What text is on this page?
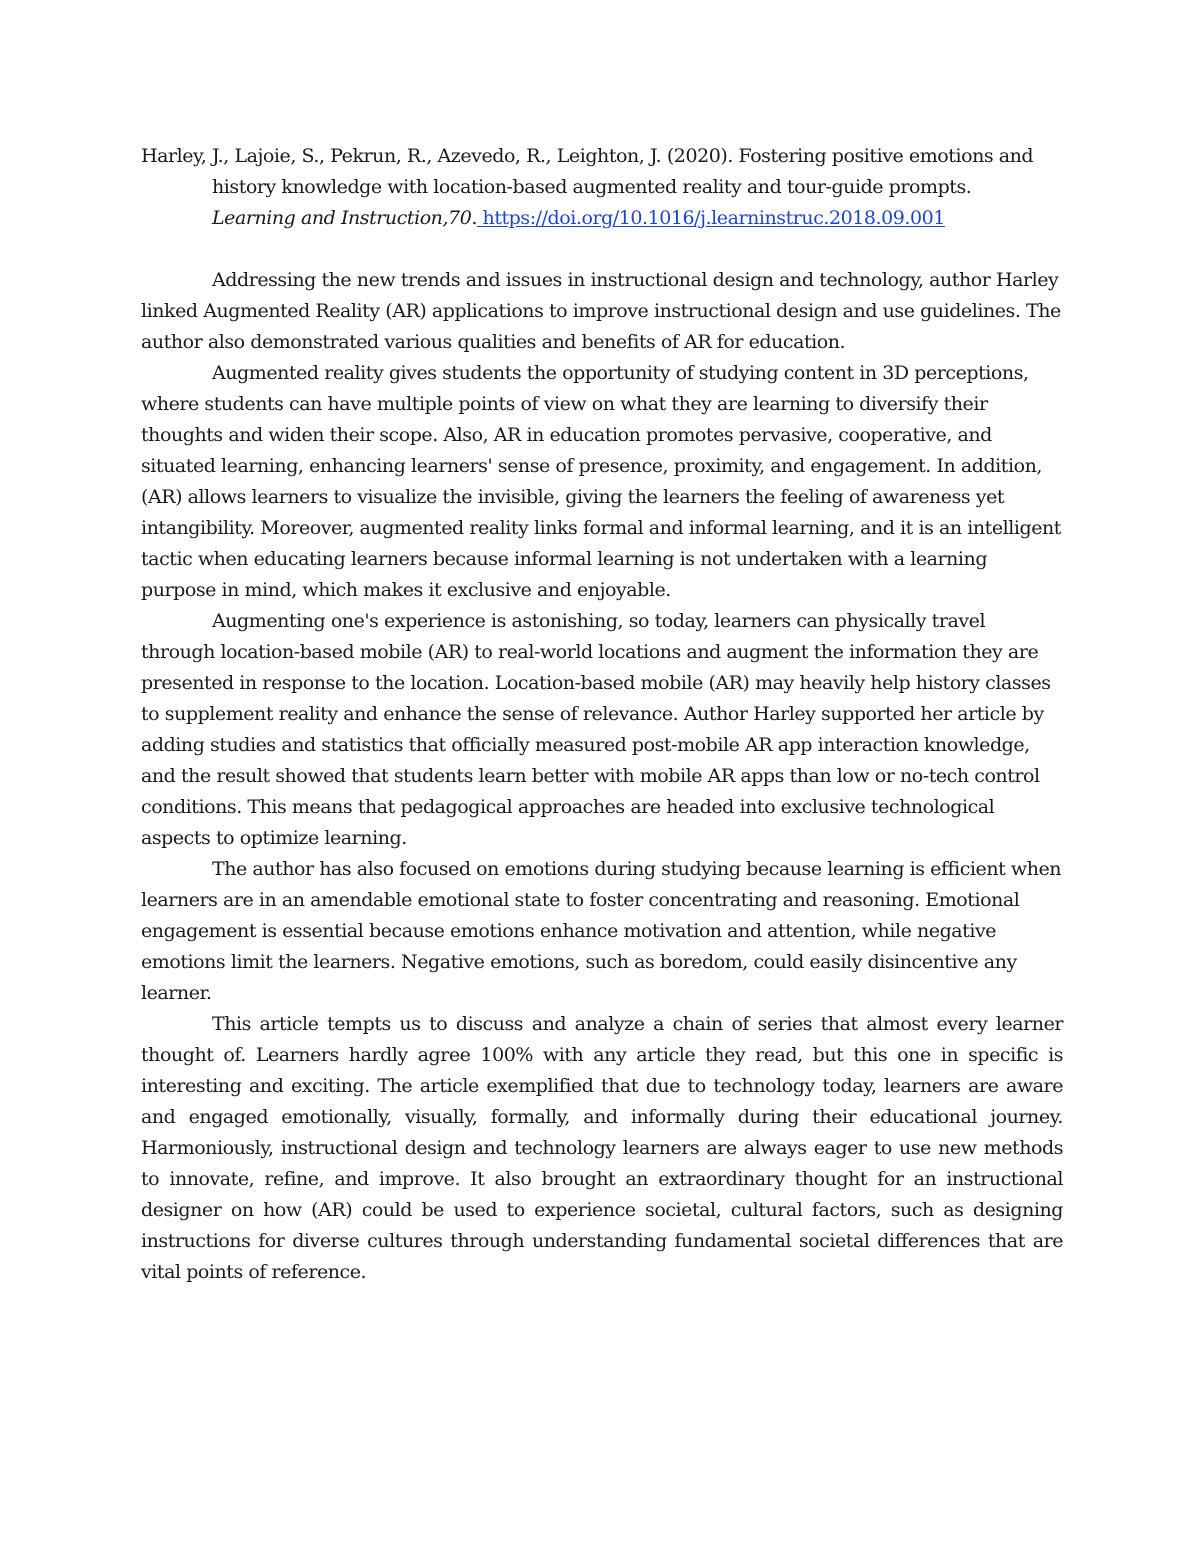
Harley, J., Lajoie, S., Pekrun, R., Azevedo, R., Leighton, J. (2020). Fostering positive emotions and history knowledge with location-based augmented reality and tour-guide prompts.
Learning and Instruction,70. https://doi.org/10.1016/j.learninstruc.2018.09.001

Addressing the new trends and issues in instructional design and technology, author Harley linked Augmented Reality (AR) applications to improve instructional design and use guidelines. The author also demonstrated various qualities and benefits of AR for education.

Augmented reality gives students the opportunity of studying content in 3D perceptions, where students can have multiple points of view on what they are learning to diversify their thoughts and widen their scope. Also, AR in education promotes pervasive, cooperative, and situated learning, enhancing learners' sense of presence, proximity, and engagement. In addition, (AR) allows learners to visualize the invisible, giving the learners the feeling of awareness yet intangibility. Moreover, augmented reality links formal and informal learning, and it is an intelligent tactic when educating learners because informal learning is not undertaken with a learning purpose in mind, which makes it exclusive and enjoyable.

Augmenting one's experience is astonishing, so today, learners can physically travel through location-based mobile (AR) to real-world locations and augment the information they are presented in response to the location. Location-based mobile (AR) may heavily help history classes to supplement reality and enhance the sense of relevance. Author Harley supported her article by adding studies and statistics that officially measured post-mobile AR app interaction knowledge, and the result showed that students learn better with mobile AR apps than low or no-tech control conditions. This means that pedagogical approaches are headed into exclusive technological aspects to optimize learning.

The author has also focused on emotions during studying because learning is efficient when learners are in an amendable emotional state to foster concentrating and reasoning. Emotional engagement is essential because emotions enhance motivation and attention, while negative emotions limit the learners. Negative emotions, such as boredom, could easily disincentive any learner.

This article tempts us to discuss and analyze a chain of series that almost every learner thought of. Learners hardly agree 100% with any article they read, but this one in specific is interesting and exciting. The article exemplified that due to technology today, learners are aware and engaged emotionally, visually, formally, and informally during their educational journey. Harmoniously, instructional design and technology learners are always eager to use new methods to innovate, refine, and improve. It also brought an extraordinary thought for an instructional designer on how (AR) could be used to experience societal, cultural factors, such as designing instructions for diverse cultures through understanding fundamental societal differences that are vital points of reference.
